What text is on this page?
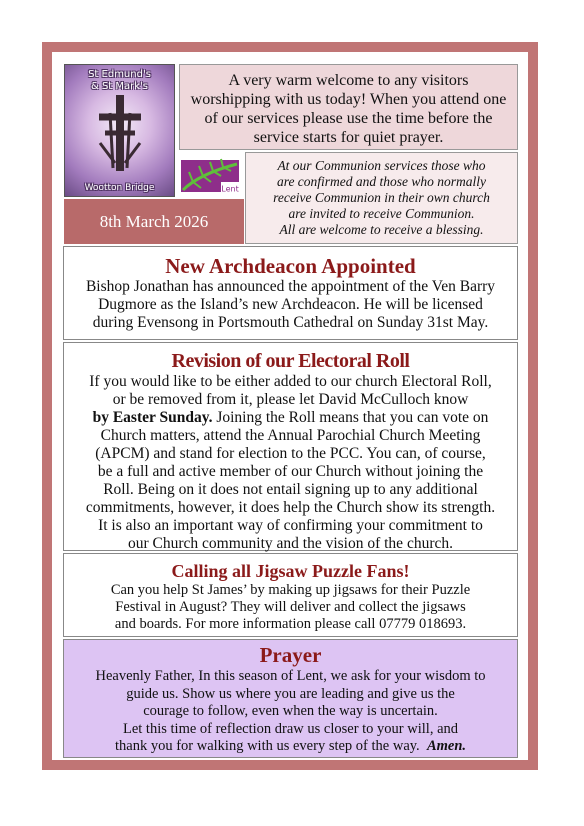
St Edmund's
& St Mark's
Wootton Bridge
A very warm welcome to any visitors
worshipping with us today! When you attend one
of our services please use the time before the
service starts for quiet prayer.
Lent
At our Communion services those who
are confirmed and those who normally
receive Communion in their own church
are invited to receive Communion.
All are welcome to receive a blessing.
8th March 2026
New Archdeacon Appointed
Bishop Jonathan has announced the appointment of the Ven Barry
Dugmore as the Island’s new Archdeacon. He will be licensed
during Evensong in Portsmouth Cathedral on Sunday 31st May.
Revision of our Electoral Roll
If you would like to be either added to our church Electoral Roll,
or be removed from it, please let David McCulloch know
by Easter Sunday. Joining the Roll means that you can vote on
Church matters, attend the Annual Parochial Church Meeting
(APCM) and stand for election to the PCC. You can, of course,
be a full and active member of our Church without joining the
Roll. Being on it does not entail signing up to any additional
commitments, however, it does help the Church show its strength.
It is also an important way of confirming your commitment to
our Church community and the vision of the church.
Calling all Jigsaw Puzzle Fans!
Can you help St James’ by making up jigsaws for their Puzzle
Festival in August? They will deliver and collect the jigsaws
and boards. For more information please call 07779 018693.
Prayer
Heavenly Father, In this season of Lent, we ask for your wisdom to
guide us. Show us where you are leading and give us the
courage to follow, even when the way is uncertain.
Let this time of reflection draw us closer to your will, and
thank you for walking with us every step of the way. Amen.
